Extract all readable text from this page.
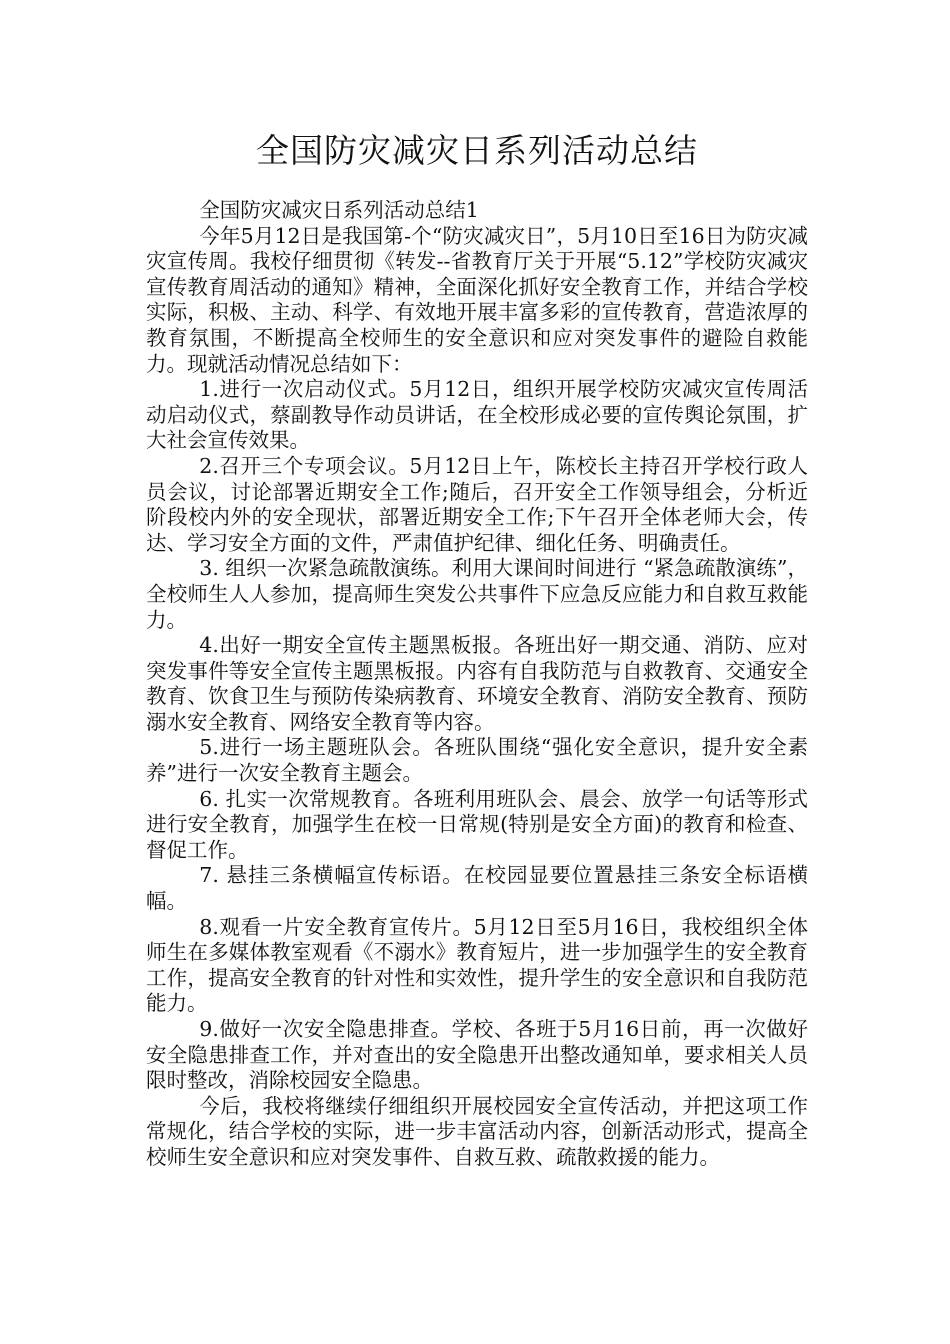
全国防灾减灾日系列活动总结

全国防灾减灾日系列活动总结1

今年5月12日是我国第-个“防灾减灾日”，5月10日至16日为防灾减灾宣传周。我校仔细贯彻《转发--省教育厅关于开展“5.12”学校防灾减灾宣传教育周活动的通知》精神，全面深化抓好安全教育工作，并结合学校实际，积极、主动、科学、有效地开展丰富多彩的宣传教育，营造浓厚的教育氛围，不断提高全校师生的安全意识和应对突发事件的避险自救能力。现就活动情况总结如下：

1.进行一次启动仪式。5月12日，组织开展学校防灾减灾宣传周活动启动仪式，蔡副教导作动员讲话，在全校形成必要的宣传舆论氛围，扩大社会宣传效果。

2.召开三个专项会议。5月12日上午，陈校长主持召开学校行政人员会议，讨论部署近期安全工作;随后，召开安全工作领导组会，分析近阶段校内外的安全现状，部署近期安全工作;下午召开全体老师大会，传达、学习安全方面的文件，严肃值护纪律、细化任务、明确责任。

3. 组织一次紧急疏散演练。利用大课间时间进行 “紧急疏散演练”，全校师生人人参加，提高师生突发公共事件下应急反应能力和自救互救能力。

4.出好一期安全宣传主题黑板报。各班出好一期交通、消防、应对突发事件等安全宣传主题黑板报。内容有自我防范与自救教育、交通安全教育、饮食卫生与预防传染病教育、环境安全教育、消防安全教育、预防溺水安全教育、网络安全教育等内容。

5.进行一场主题班队会。各班队围绕“强化安全意识，提升安全素养”进行一次安全教育主题会。

6. 扎实一次常规教育。各班利用班队会、晨会、放学一句话等形式进行安全教育，加强学生在校一日常规(特别是安全方面)的教育和检查、督促工作。

7. 悬挂三条横幅宣传标语。在校园显要位置悬挂三条安全标语横幅。

8.观看一片安全教育宣传片。5月12日至5月16日，我校组织全体师生在多媒体教室观看《不溺水》教育短片，进一步加强学生的安全教育工作，提高安全教育的针对性和实效性，提升学生的安全意识和自我防范能力。

9.做好一次安全隐患排查。学校、各班于5月16日前，再一次做好安全隐患排查工作，并对查出的安全隐患开出整改通知单，要求相关人员限时整改，消除校园安全隐患。

今后，我校将继续仔细组织开展校园安全宣传活动，并把这项工作常规化，结合学校的实际，进一步丰富活动内容，创新活动形式，提高全校师生安全意识和应对突发事件、自救互救、疏散救援的能力。
